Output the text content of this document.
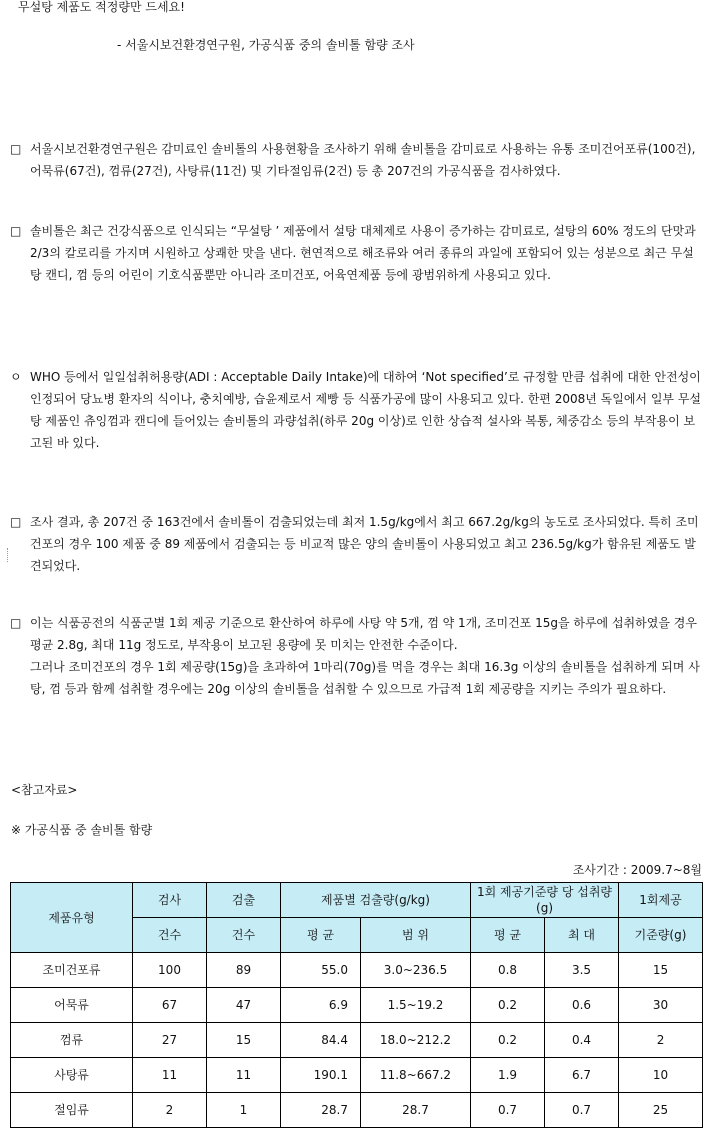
무설탕 제품도 적정량만 드세요!
- 서울시보건환경연구원, 가공식품 중의 솔비톨 함량 조사
□ 서울시보건환경연구원은 감미료인 솔비톨의 사용현황을 조사하기 위해 솔비톨을 감미료로 사용하는 유통 조미건어포류(100건), 어묵류(67건), 껌류(27건), 사탕류(11건) 및 기타절임류(2건) 등 총 207건의 가공식품을 검사하였다.

□ 솔비톨은 최근 건강식품으로 인식되는 “무설탕 ’ 제품에서 설탕 대체제로 사용이 증가하는 감미료로, 설탕의 60% 정도의 단맛과 2/3의 칼로리를 가지며 시원하고 상쾌한 맛을 낸다. 현연적으로 해조류와 여러 종류의 과일에 포함되어 있는 성분으로 최근 무설탕 캔디, 껌 등의 어린이 기호식품뿐만 아니라 조미건포, 어육연제품 등에 광범위하게 사용되고 있다.

ㅇ WHO 등에서 일일섭취허용량(ADI : Acceptable Daily Intake)에 대하여 ‘Not specified’로 규정할 만큼 섭취에 대한 안전성이 인정되어 당뇨병 환자의 식이나, 충치예방, 습윤제로서 제빵 등 식품가공에 많이 사용되고 있다. 한편 2008년 독일에서 일부 무설탕 제품인 츄잉껌과 캔디에 들어있는 솔비톨의 과량섭취(하루 20g 이상)로 인한 상습적 설사와 복통, 체중감소 등의 부작용이 보고된 바 있다.

□ 조사 결과, 총 207건 중 163건에서 솔비톨이 검출되었는데 최저 1.5g/kg에서 최고 667.2g/kg의 농도로 조사되었다. 특히 조미건포의 경우 100 제품 중 89 제품에서 검출되는 등 비교적 많은 양의 솔비톨이 사용되었고 최고 236.5g/kg가 함유된 제품도 발견되었다.

□ 이는 식품공전의 식품군별 1회 제공 기준으로 환산하여 하루에 사탕 약 5개, 껌 약 1개, 조미건포 15g을 하루에 섭취하였을 경우 평균 2.8g, 최대 11g 정도로, 부작용이 보고된 용량에 못 미치는 안전한 수준이다.

그러나 조미건포의 경우 1회 제공량(15g)을 초과하여 1마리(70g)를 먹을 경우는 최대 16.3g 이상의 솔비톨을 섭취하게 되며 사탕, 껌 등과 함께 섭취할 경우에는 20g 이상의 솔비톨을 섭취할 수 있으므로 가급적 1회 제공량을 지키는 주의가 필요하다.

<참고자료>
※ 가공식품 중 솔비톨 함량
조사기간 : 2009.7~8월
제품유형	검사	검출	제품별 검출량(g/kg)		1회 제공기준량 당 섭취량(g)		1회제공
	건수	건수	평 균	범 위	평 균	최 대	기준량(g)
조미건포류	100	89	55.0	3.0~236.5	0.8	3.5	15
어묵류	67	47	6.9	1.5~19.2	0.2	0.6	30
껌류	27	15	84.4	18.0~212.2	0.2	0.4	2
사탕류	11	11	190.1	11.8~667.2	1.9	6.7	10
절임류	2	1	28.7	28.7	0.7	0.7	25
